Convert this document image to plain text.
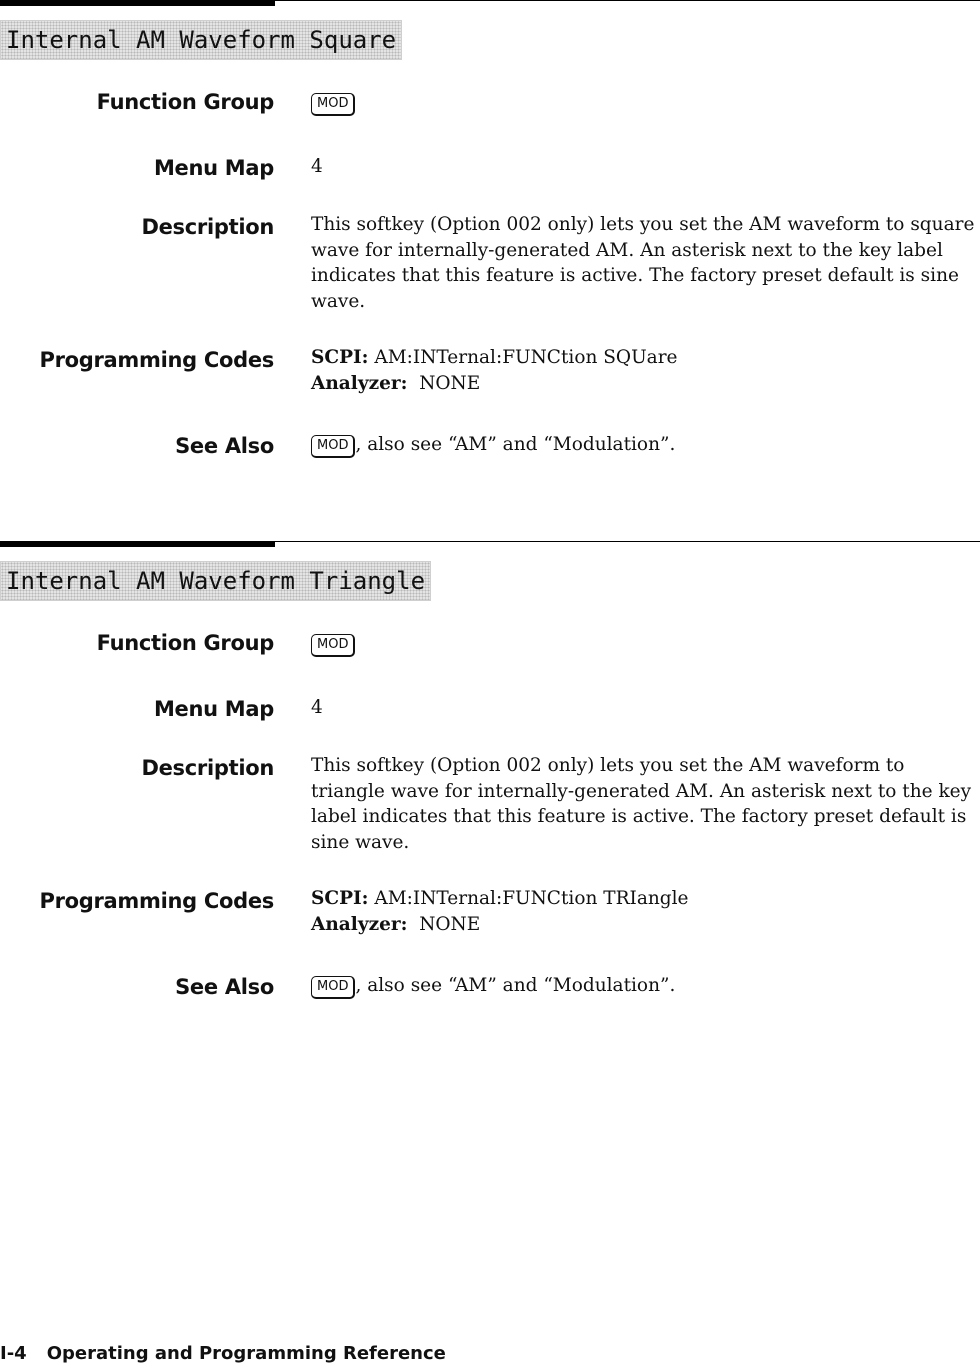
Internal AM Waveform Square
Function Group	MOD
Menu Map 4
Description This softkey (Option 002 only) lets you set the AM waveform to square wave for internally-generated AM. An asterisk next to the key label indicates that this feature is active. The factory preset default is sine wave.
Programming Codes SCPI: AM:INTernal:FUNCtion SQUare
Analyzer: NONE
See Also	MOD , also see “AM” and “Modulation”.
Internal AM Waveform Triangle
Function Group	MOD
Menu Map 4
Description This softkey (Option 002 only) lets you set the AM waveform to triangle wave for internally-generated AM. An asterisk next to the key label indicates that this feature is active. The factory preset default is sine wave.
Programming Codes SCPI: AM:INTernal:FUNCtion TRIangle
Analyzer: NONE
See Also	MOD , also see “AM” and “Modulation”.
I-4 Operating and Programming Reference
